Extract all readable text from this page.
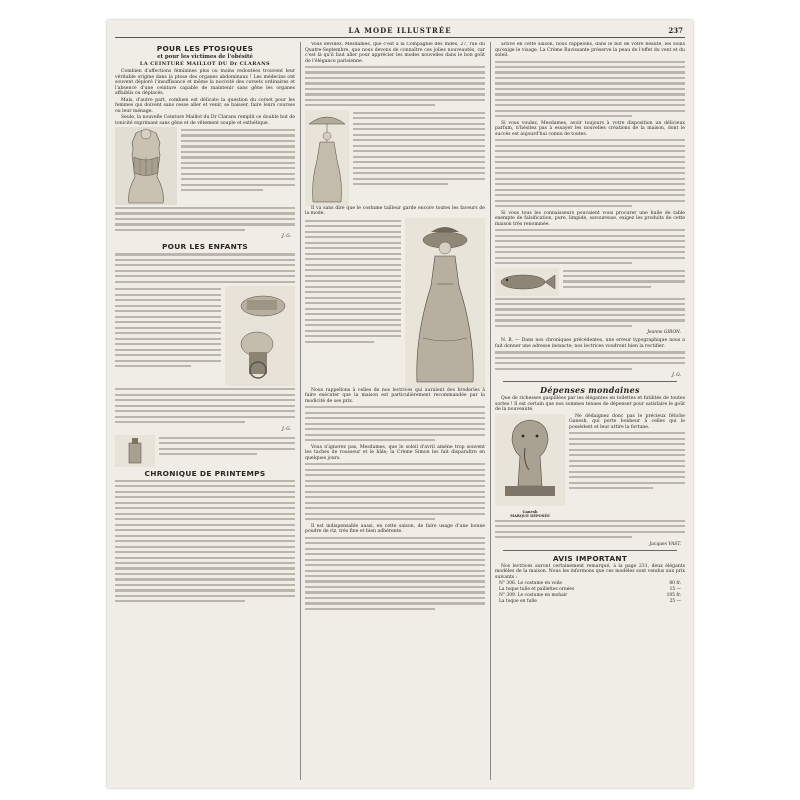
LA MODE ILLUSTRÉE	237
POUR LES PTOSIQUES
et pour les victimes de l'obésité
LA CEINTURE MAILLOT DU Dr CLARANS

Combien d'affections féminines plus ou moins redoutées trouvent leur véritable origine dans la ptose des organes abdominaux ! Les médecins ont souvent déploré l'insuffisance et même la nocivité des corsets ordinaires et l'absence d'une ceinture capable de maintenir sans gêne les organes affaiblis ou déplacés.

Mais, d'autre part, combien est délicate la question du corset pour les femmes qui doivent sans cesse aller et venir, se baisser, faire leurs courses ou leur ménage.

Seule, la nouvelle Ceinture Maillot du Dr Clarans remplit ce double but de tonicité exprimant sans gêne et de vêtement souple et esthétique.

J. G.
POUR LES ENFANTS
J. G.
CHRONIQUE DE PRINTEMPS

Vous devinez, Mesdames, que c'est à la Compagnie des Indes, 27, rue du Quatre-Septembre, que nous devons de connaître ces jolies nouveautés, car c'est là qu'il faut aller pour apprécier les modes nouvelles dans le bon goût de l'élégance parisienne.

Il va sans dire que le costume tailleur garde encore toutes les faveurs de la mode.

Nous rappellons à celles de nos lectrices qui auraient des broderies à faire exécuter que la maison est particulièrement recommandée par la modicité de ses prix.

Vous n'ignorez pas, Mesdames, que le soleil d'avril amène trop souvent les taches de rousseur et le hâle; la Crème Simon les fait disparaître en quelques jours.

Il est indispensable aussi, en cette saison, de faire usage d'une bonne poudre de riz, très fine et bien adhérente.

active en cette saison, nous rappelons, dans le but de votre beauté, les soins qu'exige le visage. La Crème Ravissante préserve la peau de l'effet du vent et du soleil.

Si vous voulez, Mesdames, avoir toujours à votre disposition un délicieux parfum, n'hésitez pas à essayer les nouvelles créations de la maison, dont le succès est aujourd'hui connu de toutes.

Si vous tous les connaisseurs pouvaient vous procurer une huile de table exempte de falsification, pure, limpide, savoureuse, exigez les produits de cette maison très renommée.

Jeanne GIRON.

N. B. — Dans nos chroniques précédentes, une erreur typographique nous a fait donner une adresse inexacte; nos lectrices voudront bien la rectifier.

J. G.
Dépenses mondaines

Que de richesses gaspillées par les élégantes en toilettes et futilités de toutes sortes ! Il est certain que nos sommes tenues de dépenser pour satisfaire le goût de la nouveauté.

Ganesh
MARQUE DÉPOSÉE

Ne dédaignez donc pas le précieux fétiche Ganesh, qui porte bonheur à celles qui le possèdent et leur attire la fortune.

Jacques VAST.
AVIS IMPORTANT

Nos lectrices auront certainement remarqué, à la page 231, deux élégants modèles de la maison. Nous les informons que ces modèles sont vendus aux prix suivants :

N° 306. Le costume en voile	80 fr.
La toque tulle et paillettes ornées	15 —
N° 309. Le costume en mohair	105 fr.
La toque en tulle	25 —
